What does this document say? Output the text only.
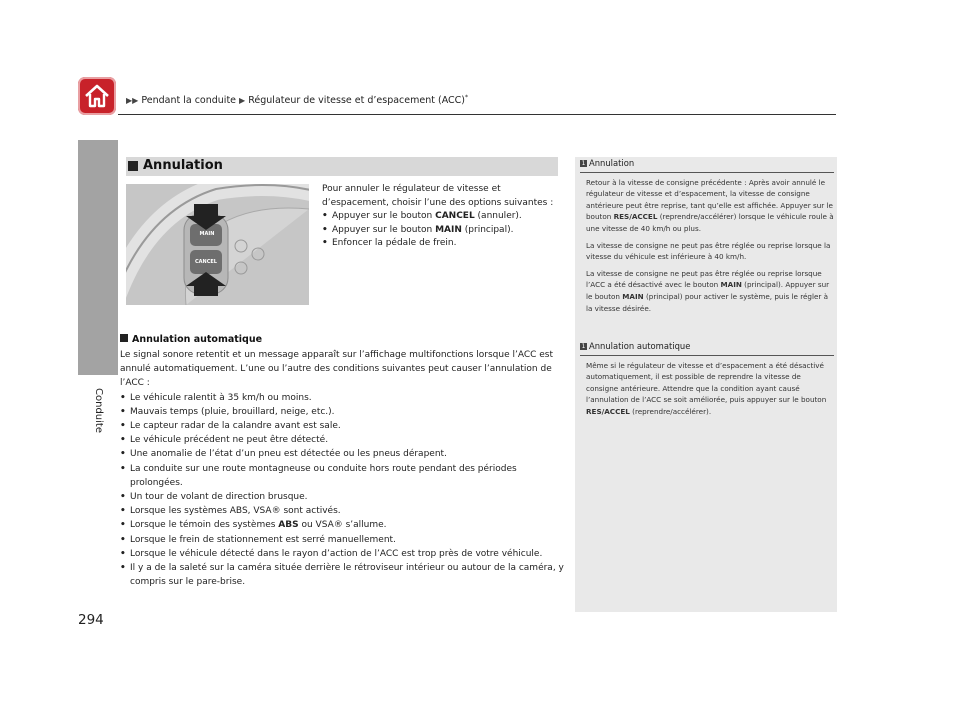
▶▶ Pendant la conduite ▶ Régulateur de vitesse et d’espacement (ACC)*
Conduite
294
Annulation
MAIN
CANCEL
Pour annuler le régulateur de vitesse et
d’espacement, choisir l’une des options suivantes :
• Appuyer sur le bouton CANCEL (annuler).
• Appuyer sur le bouton MAIN (principal).
• Enfoncer la pédale de frein.
Annulation automatique

Le signal sonore retentit et un message apparaît sur l’affichage multifonctions lorsque l’ACC est annulé automatiquement. L’une ou l’autre des conditions suivantes peut causer l’annulation de l’ACC :

• Le véhicule ralentit à 35 km/h ou moins.
• Mauvais temps (pluie, brouillard, neige, etc.).
• Le capteur radar de la calandre avant est sale.
• Le véhicule précédent ne peut être détecté.
• Une anomalie de l’état d’un pneu est détectée ou les pneus dérapent.
• La conduite sur une route montagneuse ou conduite hors route pendant des périodes prolongées.
• Un tour de volant de direction brusque.
• Lorsque les systèmes ABS, VSA® sont activés.
• Lorsque le témoin des systèmes ABS ou VSA® s’allume.
• Lorsque le frein de stationnement est serré manuellement.
• Lorsque le véhicule détecté dans le rayon d’action de l’ACC est trop près de votre véhicule.
• Il y a de la saleté sur la caméra située derrière le rétroviseur intérieur ou autour de la caméra, y compris sur le pare-brise.
1 Annulation

Retour à la vitesse de consigne précédente : Après avoir annulé le régulateur de vitesse et d’espacement, la vitesse de consigne antérieure peut être reprise, tant qu’elle est affichée. Appuyer sur le bouton RES/ACCEL (reprendre/accélérer) lorsque le véhicule roule à une vitesse de 40 km/h ou plus.

La vitesse de consigne ne peut pas être réglée ou reprise lorsque la vitesse du véhicule est inférieure à 40 km/h.

La vitesse de consigne ne peut pas être réglée ou reprise lorsque l’ACC a été désactivé avec le bouton MAIN (principal). Appuyer sur le bouton MAIN (principal) pour activer le système, puis le régler à la vitesse désirée.

1 Annulation automatique

Même si le régulateur de vitesse et d’espacement a été désactivé automatiquement, il est possible de reprendre la vitesse de consigne antérieure. Attendre que la condition ayant causé l’annulation de l’ACC se soit améliorée, puis appuyer sur le bouton RES/ACCEL (reprendre/accélérer).
